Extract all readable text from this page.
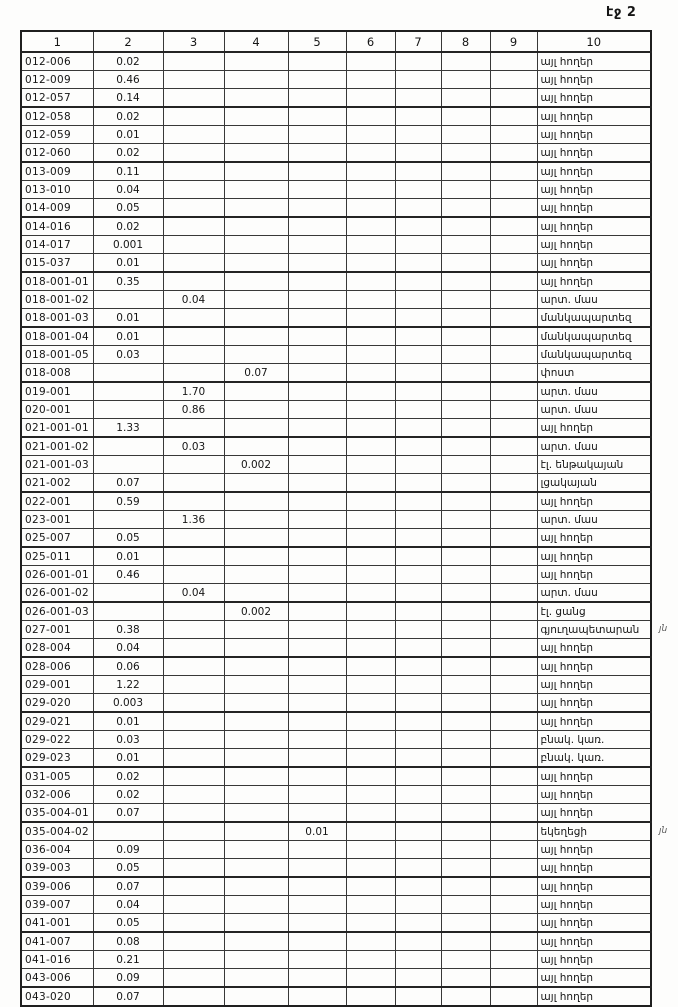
էջ 2
1	2	3	4	5	6	7	8	9	10
012-006	0.02								այլ հողեր
012-009	0.46								այլ հողեր
012-057	0.14								այլ հողեր
012-058	0.02								այլ հողեր
012-059	0.01								այլ հողեր
012-060	0.02								այլ հողեր
013-009	0.11								այլ հողեր
013-010	0.04								այլ հողեր
014-009	0.05								այլ հողեր
014-016	0.02								այլ հողեր
014-017	0.001								այլ հողեր
015-037	0.01								այլ հողեր
018-001-01	0.35								այլ հողեր
018-001-02		0.04							արտ. մաս
018-001-03	0.01								մանկապարտեզ
018-001-04	0.01								մանկապարտեզ
018-001-05	0.03								մանկապարտեզ
018-008			0.07						փոստ
019-001		1.70							արտ. մաս
020-001		0.86							արտ. մաս
021-001-01	1.33								այլ հողեր
021-001-02		0.03							արտ. մաս
021-001-03			0.002						էլ. ենթակայան
021-002	0.07								լցակայան
022-001	0.59								այլ հողեր
023-001		1.36							արտ. մաս
025-007	0.05								այլ հողեր
025-011	0.01								այլ հողեր
026-001-01	0.46								այլ հողեր
026-001-02		0.04							արտ. մաս
026-001-03			0.002						էլ. ցանց
027-001	0.38								գյուղապետարան յն

028-004	0.04								այլ հողեր
028-006	0.06								այլ հողեր
029-001	1.22								այլ հողեր
029-020	0.003								այլ հողեր
029-021	0.01								այլ հողեր
029-022	0.03								բնակ. կառ.
029-023	0.01								բնակ. կառ.
031-005	0.02								այլ հողեր
032-006	0.02								այլ հողեր
035-004-01	0.07								այլ հողեր
035-004-02				0.01					եկեղեցի յն

036-004	0.09								այլ հողեր
039-003	0.05								այլ հողեր
039-006	0.07								այլ հողեր
039-007	0.04								այլ հողեր
041-001	0.05								այլ հողեր
041-007	0.08								այլ հողեր
041-016	0.21								այլ հողեր
043-006	0.09								այլ հողեր
043-020	0.07								այլ հողեր
